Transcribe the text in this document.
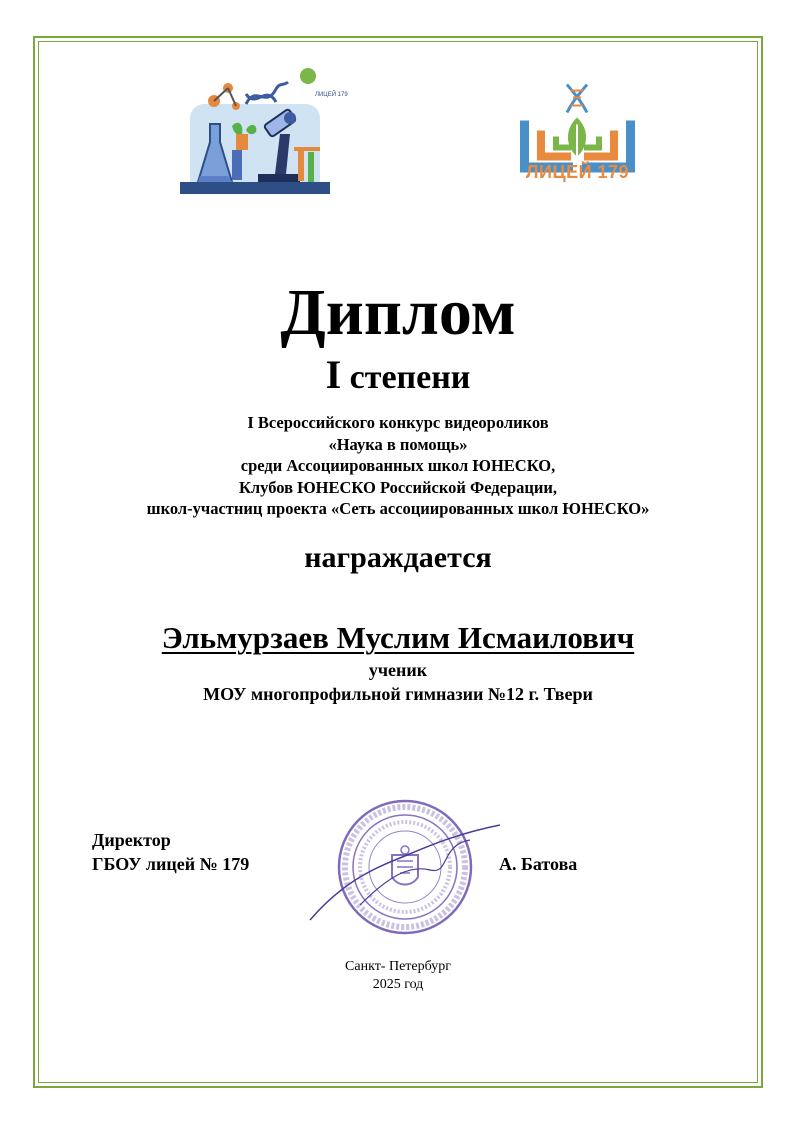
ЛИЦЕЙ 179
ЛИЦЕЙ 179
Диплом
I степени
I Всероссийского конкурс видеороликов
«Наука в помощь»
среди Ассоциированных школ ЮНЕСКО,
Клубов ЮНЕСКО Российской Федерации,
школ-участниц проекта «Сеть ассоциированных школ ЮНЕСКО»
награждается
Эльмурзаев Муслим Исмаилович
ученик
МОУ многопрофильной гимназии №12 г. Твери
Директор
ГБОУ лицей № 179	А. Батова
Санкт- Петербург
2025 год
